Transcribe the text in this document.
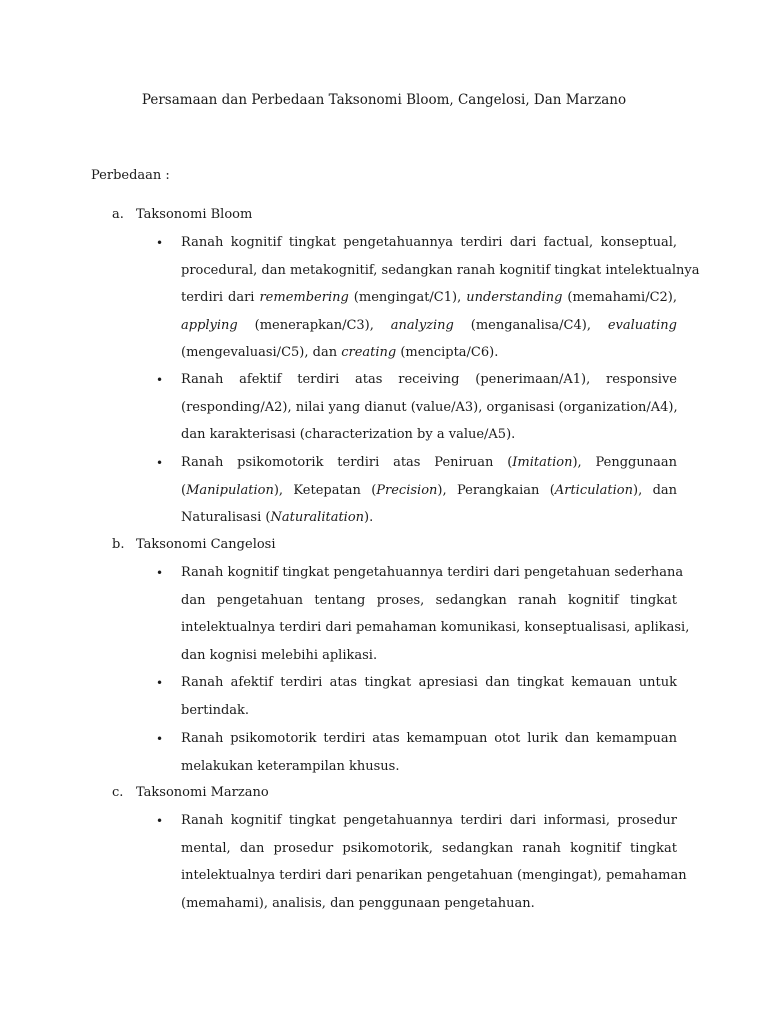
Persamaan dan Perbedaan Taksonomi Bloom, Cangelosi, Dan Marzano
Perbedaan :
a. Taksonomi Bloom
• Ranah kognitif tingkat pengetahuannya terdiri dari factual, konseptual,
procedural, dan metakognitif, sedangkan ranah kognitif tingkat intelektualnya
terdiri dari remembering (mengingat/C1), understanding (memahami/C2),
applying (menerapkan/C3), analyzing (menganalisa/C4), evaluating
(mengevaluasi/C5), dan creating (mencipta/C6).
• Ranah afektif terdiri atas receiving (penerimaan/A1), responsive
(responding/A2), nilai yang dianut (value/A3), organisasi (organization/A4),
dan karakterisasi (characterization by a value/A5).
• Ranah psikomotorik terdiri atas Peniruan (Imitation), Penggunaan
(Manipulation), Ketepatan (Precision), Perangkaian (Articulation), dan
Naturalisasi (Naturalitation).
b. Taksonomi Cangelosi
• Ranah kognitif tingkat pengetahuannya terdiri dari pengetahuan sederhana
dan pengetahuan tentang proses, sedangkan ranah kognitif tingkat
intelektualnya terdiri dari pemahaman komunikasi, konseptualisasi, aplikasi,
dan kognisi melebihi aplikasi.
• Ranah afektif terdiri atas tingkat apresiasi dan tingkat kemauan untuk
bertindak.
• Ranah psikomotorik terdiri atas kemampuan otot lurik dan kemampuan
melakukan keterampilan khusus.
c. Taksonomi Marzano
• Ranah kognitif tingkat pengetahuannya terdiri dari informasi, prosedur
mental, dan prosedur psikomotorik, sedangkan ranah kognitif tingkat
intelektualnya terdiri dari penarikan pengetahuan (mengingat), pemahaman
(memahami), analisis, dan penggunaan pengetahuan.
